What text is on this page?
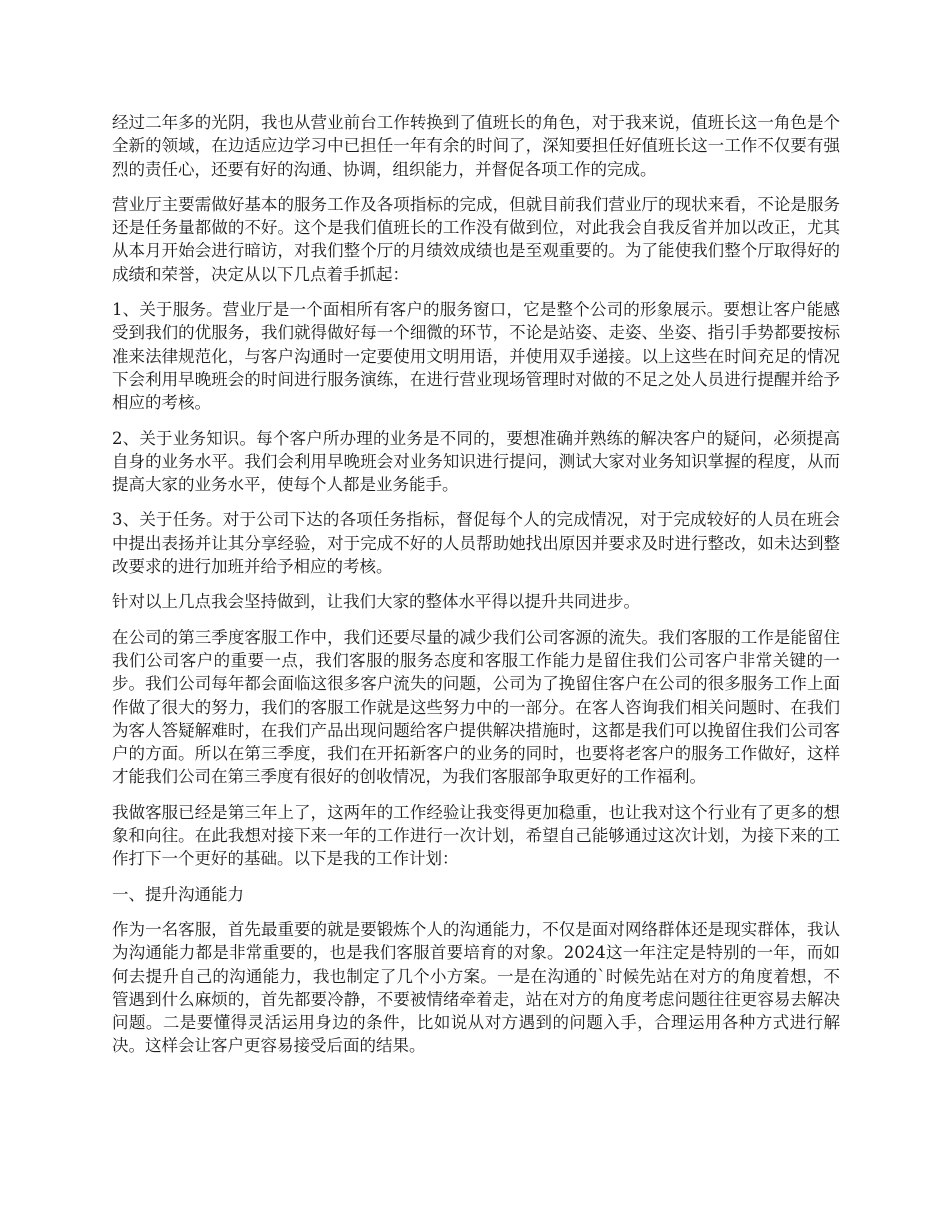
经过二年多的光阴，我也从营业前台工作转换到了值班长的角色，对于我来说，值班长这一角色是个全新的领域，在边适应边学习中已担任一年有余的时间了，深知要担任好值班长这一工作不仅要有强烈的责任心，还要有好的沟通、协调，组织能力，并督促各项工作的完成。

营业厅主要需做好基本的服务工作及各项指标的完成，但就目前我们营业厅的现状来看，不论是服务还是任务量都做的不好。这个是我们值班长的工作没有做到位，对此我会自我反省并加以改正，尤其从本月开始会进行暗访，对我们整个厅的月绩效成绩也是至观重要的。为了能使我们整个厅取得好的成绩和荣誉，决定从以下几点着手抓起：

1、关于服务。营业厅是一个面相所有客户的服务窗口，它是整个公司的形象展示。要想让客户能感受到我们的优服务，我们就得做好每一个细微的环节，不论是站姿、走姿、坐姿、指引手势都要按标准来法律规范化，与客户沟通时一定要使用文明用语，并使用双手递接。以上这些在时间充足的情况下会利用早晚班会的时间进行服务演练，在进行营业现场管理时对做的不足之处人员进行提醒并给予相应的考核。

2、关于业务知识。每个客户所办理的业务是不同的，要想准确并熟练的解决客户的疑问，必须提高自身的业务水平。我们会利用早晚班会对业务知识进行提问，测试大家对业务知识掌握的程度，从而提高大家的业务水平，使每个人都是业务能手。

3、关于任务。对于公司下达的各项任务指标，督促每个人的完成情况，对于完成较好的人员在班会中提出表扬并让其分享经验，对于完成不好的人员帮助她找出原因并要求及时进行整改，如未达到整改要求的进行加班并给予相应的考核。

针对以上几点我会坚持做到，让我们大家的整体水平得以提升共同进步。

在公司的第三季度客服工作中，我们还要尽量的减少我们公司客源的流失。我们客服的工作是能留住我们公司客户的重要一点，我们客服的服务态度和客服工作能力是留住我们公司客户非常关键的一步。我们公司每年都会面临这很多客户流失的问题，公司为了挽留住客户在公司的很多服务工作上面作做了很大的努力，我们的客服工作就是这些努力中的一部分。在客人咨询我们相关问题时、在我们为客人答疑解难时，在我们产品出现问题给客户提供解决措施时，这都是我们可以挽留住我们公司客户的方面。所以在第三季度，我们在开拓新客户的业务的同时，也要将老客户的服务工作做好，这样才能我们公司在第三季度有很好的创收情况，为我们客服部争取更好的工作福利。

我做客服已经是第三年上了，这两年的工作经验让我变得更加稳重，也让我对这个行业有了更多的想象和向往。在此我想对接下来一年的工作进行一次计划，希望自己能够通过这次计划，为接下来的工作打下一个更好的基础。以下是我的工作计划：

一、提升沟通能力

作为一名客服，首先最重要的就是要锻炼个人的沟通能力，不仅是面对网络群体还是现实群体，我认为沟通能力都是非常重要的，也是我们客服首要培育的对象。2024这一年注定是特别的一年，而如何去提升自己的沟通能力，我也制定了几个小方案。一是在沟通的`时候先站在对方的角度着想，不管遇到什么麻烦的，首先都要冷静，不要被情绪牵着走，站在对方的角度考虑问题往往更容易去解决问题。二是要懂得灵活运用身边的条件，比如说从对方遇到的问题入手，合理运用各种方式进行解决。这样会让客户更容易接受后面的结果。
